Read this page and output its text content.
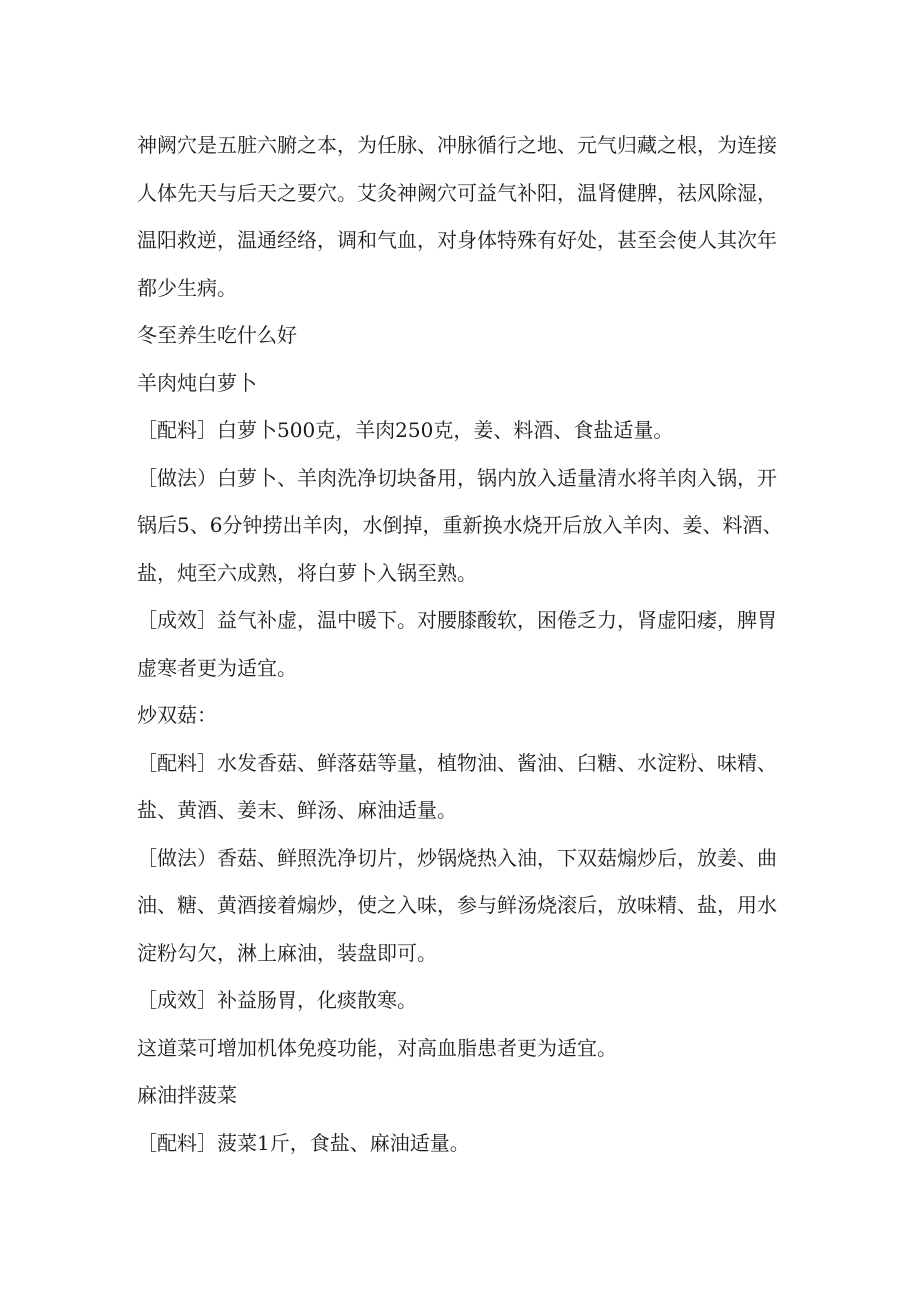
神阙穴是五脏六腑之本，为任脉、冲脉循行之地、元气归藏之根，为连接人体先天与后天之要穴。艾灸神阙穴可益气补阳，温肾健脾，祛风除湿，温阳救逆，温通经络，调和气血，对身体特殊有好处，甚至会使人其次年都少生病。

冬至养生吃什么好

羊肉炖白萝卜

［配料］白萝卜500克，羊肉250克，姜、料酒、食盐适量。

［做法）白萝卜、羊肉洗净切块备用，锅内放入适量清水将羊肉入锅，开锅后5、6分钟捞出羊肉，水倒掉，重新换水烧开后放入羊肉、姜、料酒、盐，炖至六成熟，将白萝卜入锅至熟。

［成效］益气补虚，温中暖下。对腰膝酸软，困倦乏力，肾虚阳痿，脾胃虚寒者更为适宜。

炒双菇：

［配料］水发香菇、鲜落菇等量，植物油、酱油、臼糖、水淀粉、味精、盐、黄酒、姜末、鲜汤、麻油适量。

［做法）香菇、鲜照洗净切片，炒锅烧热入油，下双菇煽炒后，放姜、曲油、糖、黄酒接着煽炒，使之入味，参与鲜汤烧滚后，放味精、盐，用水淀粉勾欠，淋上麻油，装盘即可。

［成效］补益肠胃，化痰散寒。

这道菜可增加机体免疫功能，对高血脂患者更为适宜。

麻油拌菠菜

［配料］菠菜1斤，食盐、麻油适量。
